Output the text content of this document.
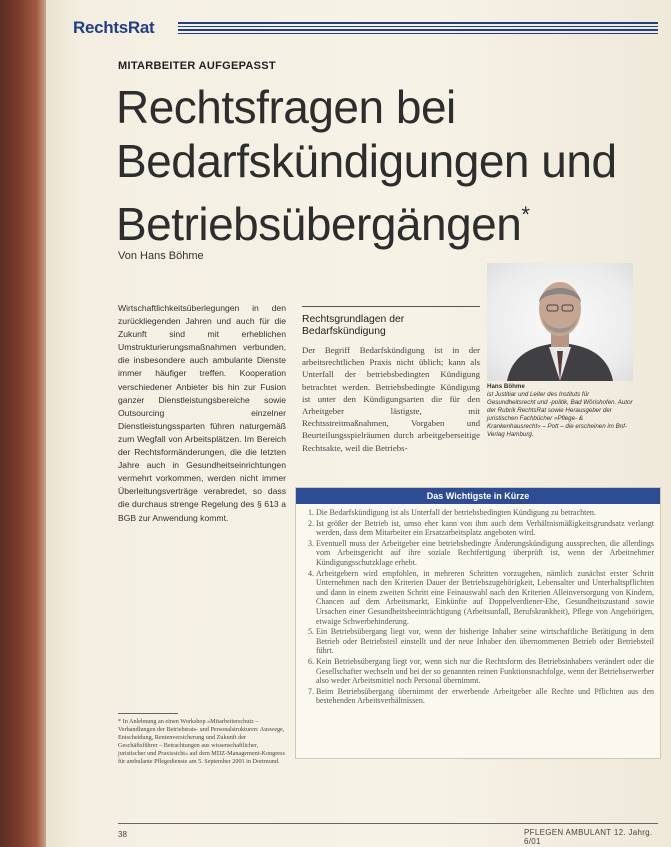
RechtsRat
MITARBEITER AUFGEPASST
Rechtsfragen bei
Bedarfskündigungen und
Betriebsübergängen*
Von Hans Böhme
Wirtschaftlichkeitsüberlegungen in den zurückliegenden Jahren und auch für die Zukunft sind mit erheblichen Umstrukturierungsmaßnahmen verbunden, die insbesondere auch ambulante Dienste immer häufiger treffen. Kooperation verschiedener Anbieter bis hin zur Fusion ganzer Dienstleistungsbereiche sowie Outsourcing einzelner Dienstleistungssparten führen naturgemäß zum Wegfall von Arbeitsplätzen. Im Bereich der Rechtsformänderungen, die die letzten Jahre auch in Gesundheitseinrichtungen vermehrt vorkommen, werden nicht immer Überleitungsverträge verabredet, so dass die durchaus strenge Regelung des § 613 a BGB zur Anwendung kommt.
Rechtsgrundlagen der Bedarfskündigung
Der Begriff Bedarfskündigung ist in der arbeitsrechtlichen Praxis nicht üblich; kann als Unterfall der betriebsbedingten Kündigung betrachtet werden. Betriebsbedingte Kündigung ist unter den Kündigungsarten die für den Arbeitgeber lästigste, mit Rechtsstreitmaßnahmen, Vorgaben und Beurteilungsspielräumen durch arbeitgeberseitige Rechtsakte, weil die Betriebs-
Hans Böhme
ist Justitiar und Leiter des Instituts für Gesundheitsrecht und -politik, Bad Wörishofen. Autor der Rubrik RechtsRat sowie Herausgeber der juristischen Fachbücher »Pflege- & Krankenhausrecht« – Pott – die erscheinen im Bnf-Verlag Hamburg.
Das Wichtigste in Kürze
1. Die Bedarfskündigung ist als Unterfall der betriebsbedingten Kündigung zu betrachten.
2. Ist größer der Betrieb ist, umso eher kann von ihm auch dem Verhältnismäßigkeitsgrundsatz verlangt werden, dass dem Mitarbeiter ein Ersatzarbeitsplatz angeboten wird.
3. Eventuell muss der Arbeitgeber eine betriebsbedingte Änderungskündigung aussprechen, die allerdings vom Arbeitsgericht auf ihre soziale Rechtfertigung überprüft ist, wenn der Arbeitnehmer Kündigungsschutzklage erhebt.
4. Arbeitgebern wird empfohlen, in mehreren Schritten vorzugehen, nämlich zunächst erster Schritt Unternehmen nach den Kriterien Dauer der Betriebszugehörigkeit, Lebensalter und Unterhaltspflichten und dann in einem zweiten Schritt eine Feinauswahl nach den Kriterien Alleinversorgung von Kindern, Chancen auf dem Arbeitsmarkt, Einkünfte auf Doppelverdiener-Ehe, Gesundheitszustand sowie Ursachen einer Gesundheitsbeeinträchtigung (Arbeitsunfall, Berufskrankheit), Pflege von Angehörigen, etwaige Schwerbehinderung.
5. Ein Betriebsübergang liegt vor, wenn der bisherige Inhaber seine wirtschaftliche Betätigung in dem Betrieb oder Betriebsteil einstellt und der neue Inhaber den übernommenen Betrieb oder Betriebsteil führt.
6. Kein Betriebsübergang liegt vor, wenn sich nur die Rechtsform des Betriebsinhabers verändert oder die Gesellschafter wechseln und bei der so genannten reinen Funktionsnachfolge, wenn der Betriebserwerber also weder Arbeitsmittel noch Personal übernimmt.
7. Beim Betriebsübergang übernimmt der erwerbende Arbeitgeber alle Rechte und Pflichten aus den bestehenden Arbeitsverhältnissen.
* In Anlehnung an einen Workshop »Mitarbeiterschutz – Verhandlungen der Betriebsrats- und Personalstrukturen: Auswege, Entscheidung, Rentenversicherung und Zukunft der Geschäftsführer – Betrachtungen aus wissenschaftlicher, juristischer und Praxissicht« auf dem MDZ-Management-Kongress für ambulante Pflegedienste am 5. September 2001 in Dortmund.
38	PFLEGEN AMBULANT 12. Jahrg. 6/01
